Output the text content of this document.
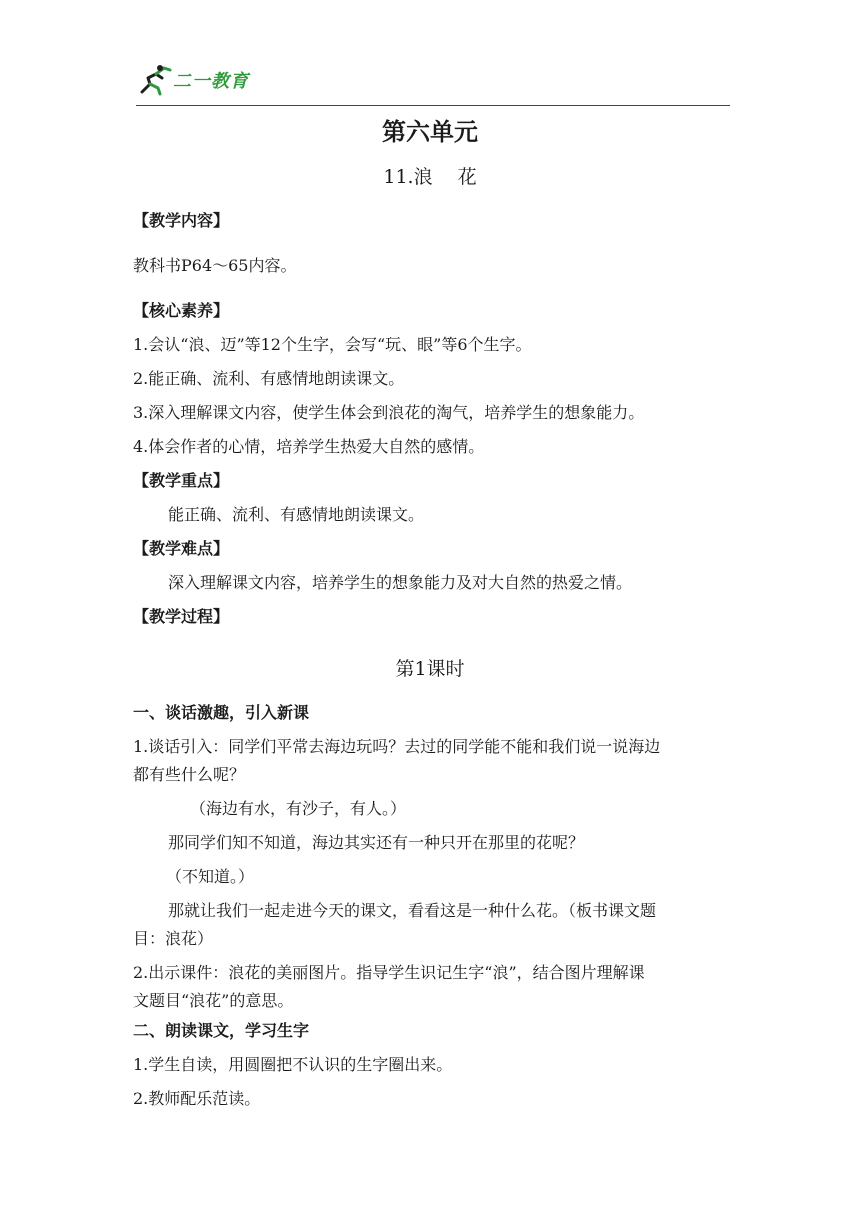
二一教育
第六单元
11.浪　 花
【教学内容】
教科书P64～65内容。
【核心素养】
1.会认“浪、迈”等12个生字，会写“玩、眼”等6个生字。
2.能正确、流利、有感情地朗读课文。
3.深入理解课文内容，使学生体会到浪花的淘气，培养学生的想象能力。
4.体会作者的心情，培养学生热爱大自然的感情。
【教学重点】
能正确、流利、有感情地朗读课文。
【教学难点】
深入理解课文内容，培养学生的想象能力及对大自然的热爱之情。
【教学过程】
第1课时
一、谈话激趣，引入新课
1.谈话引入：同学们平常去海边玩吗？去过的同学能不能和我们说一说海边
都有些什么呢？
（海边有水，有沙子，有人。）
那同学们知不知道，海边其实还有一种只开在那里的花呢？
（不知道。）
那就让我们一起走进今天的课文，看看这是一种什么花。（板书课文题
目：浪花）
2.出示课件：浪花的美丽图片。指导学生识记生字“浪”，结合图片理解课
文题目“浪花”的意思。
二、朗读课文，学习生字
1.学生自读，用圆圈把不认识的生字圈出来。
2.教师配乐范读。
